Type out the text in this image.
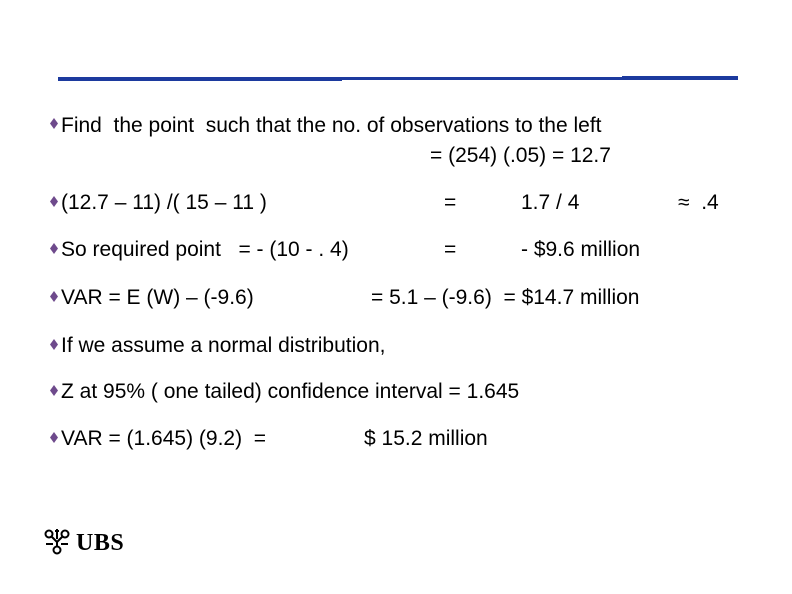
Find  the point  such that the no. of observations to the left
= (254) (.05) = 12.7
(12.7 – 11) /( 15 – 11 )	=	1.7 / 4	≈  .4
So required point   = - (10 - . 4)	=	- $9.6 million
VAR = E (W) – (-9.6)	= 5.1 – (-9.6)  = $14.7 million
If we assume a normal distribution,
Z at 95% ( one tailed) confidence interval = 1.645
VAR = (1.645) (9.2)  =	$ 15.2 million
UBS
